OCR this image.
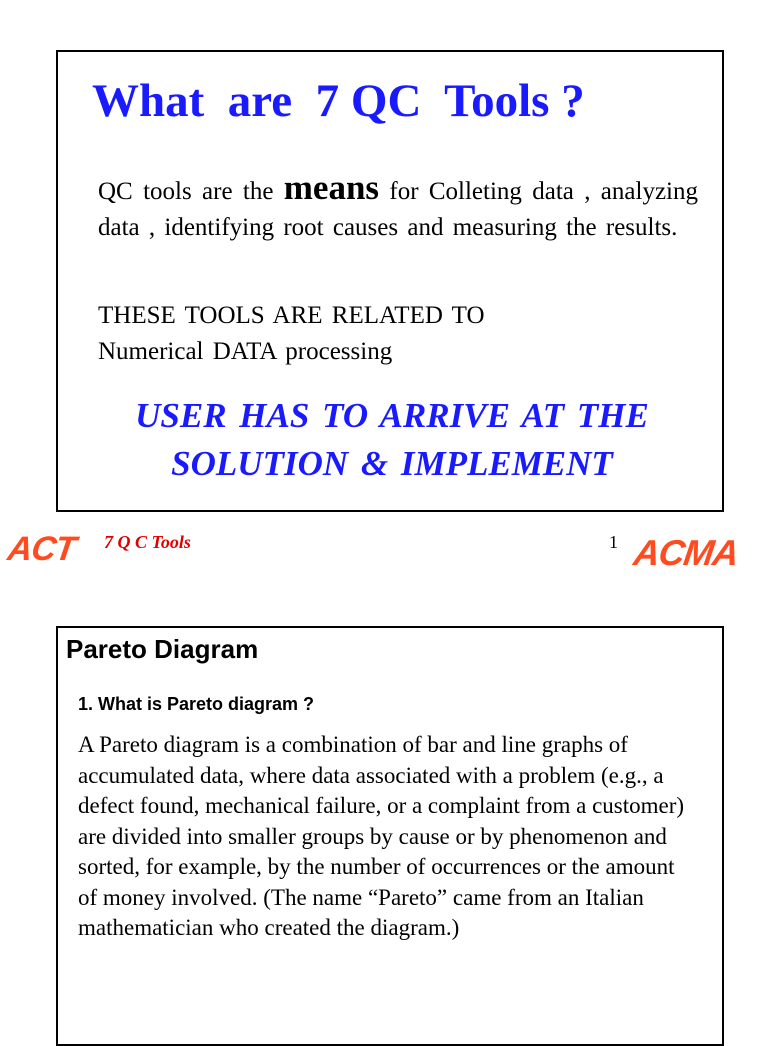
What  are  7 QC  Tools ?
QC tools are the means for Colleting data , analyzing data , identifying root causes and measuring the results.
THESE TOOLS ARE RELATED TO
Numerical DATA processing
USER HAS TO ARRIVE AT THE
SOLUTION & IMPLEMENT
ACT 7 Q C Tools	1 ACMA
Pareto Diagram
1. What is Pareto diagram ?
A Pareto diagram is a combination of bar and line graphs of accumulated data, where data associated with a problem (e.g., a defect found, mechanical failure, or a complaint from a customer) are divided into smaller groups by cause or by phenomenon and sorted, for example, by the number of occurrences or the amount of money involved. (The name “Pareto” came from an Italian mathematician who created the diagram.)
